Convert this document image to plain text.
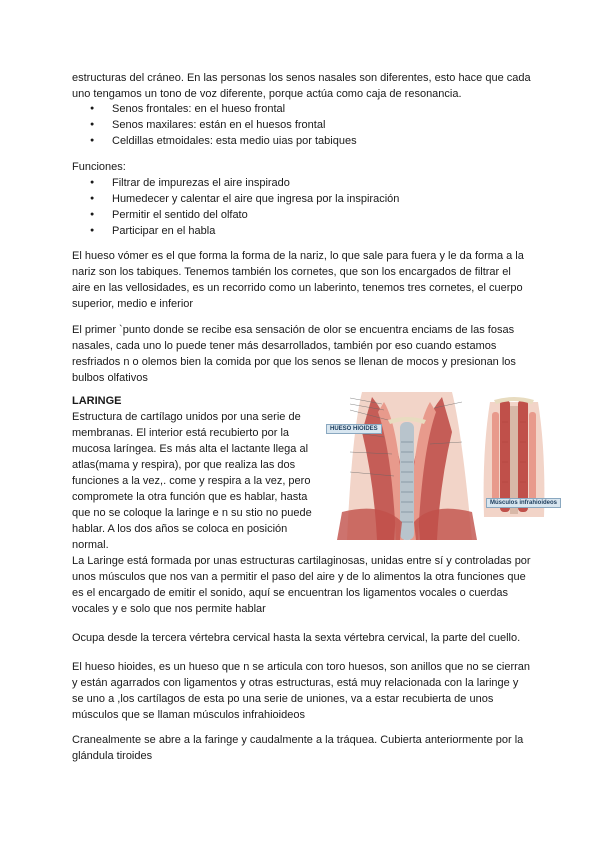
estructuras del cráneo. En las personas los senos nasales son diferentes, esto hace que cada uno tengamos un tono de voz diferente, porque actúa como caja de resonancia.

● Senos frontales: en el hueso frontal
● Senos maxilares: están en el huesos frontal
● Celdillas etmoidales: esta medio uias por tabiques

Funciones:

● Filtrar de impurezas el aire inspirado
● Humedecer y calentar el aire que ingresa por la inspiración
● Permitir el sentido del olfato
● Participar en el habla

El hueso vómer es el que forma la forma de la nariz, lo que sale para fuera y le da forma a la nariz son los tabiques. Tenemos también los cornetes, que son los encargados de filtrar el aire en las vellosidades, es un recorrido como un laberinto, tenemos tres cornetes, el cuerpo superior, medio e inferior

El primer `punto donde se recibe esa sensación de olor se encuentra enciams de las fosas nasales, cada uno lo puede tener más desarrollados, también por eso cuando estamos resfriados n o olemos bien la comida por que los senos se llenan de mocos y presionan los bulbos olfativos

LARINGE

Estructura de cartílago unidos por una serie de membranas. El interior está recubierto por la mucosa laríngea. Es más alta el lactante llega al atlas(mama y respira), por que realiza las dos funciones a la vez,. come y respira a la vez, pero compromete la otra función que es hablar, hasta que no se coloque la laringe e n su stio no puede hablar. A los dos años se coloca en posición normal.

HUESO HIOIDES
Músculos infrahioideos

La Laringe está formada por unas estructuras cartilaginosas, unidas entre sí y controladas por unos músculos que nos van a permitir el paso del aire y de lo alimentos la otra funciones que es el encargado de emitir el sonido, aquí se encuentran los ligamentos vocales o cuerdas vocales y e solo que nos permite hablar

Ocupa desde la tercera vértebra cervical hasta la sexta vértebra cervical, la parte del cuello.

El hueso hioides, es un hueso que n se articula con toro huesos, son anillos que no se cierran y están agarrados con ligamentos y otras estructuras, está muy relacionada con la laringe y se uno a ,los cartílagos de esta po una serie de uniones, va a estar recubierta de unos músculos que se llaman músculos infrahioideos

Cranealmente se abre a la faringe y caudalmente a la tráquea. Cubierta anteriormente por la glándula tiroides
